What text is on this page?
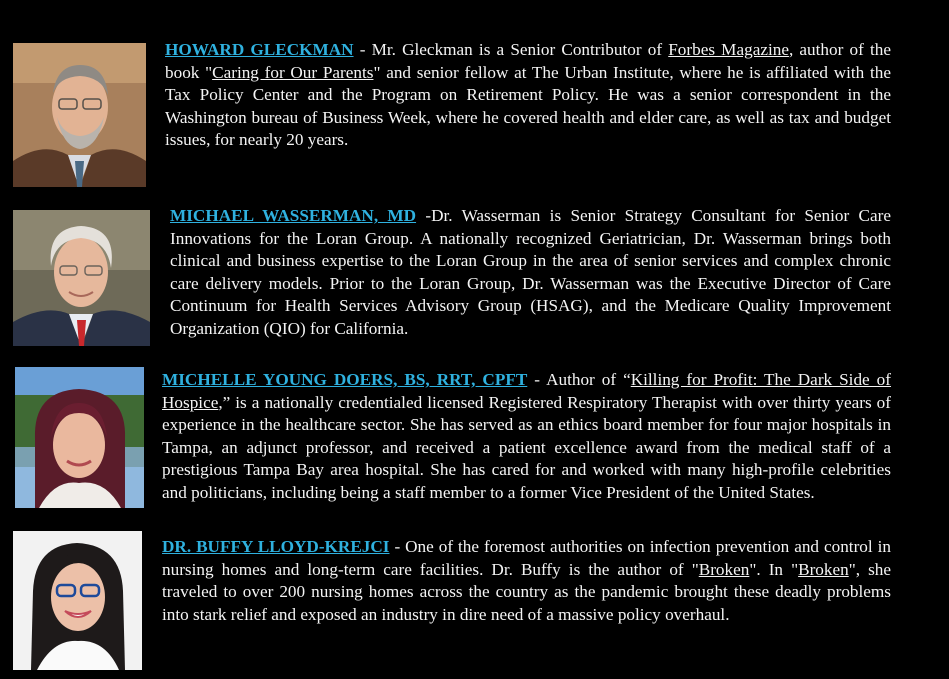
HOWARD GLECKMAN - Mr. Gleckman is a Senior Contributor of Forbes Magazine, author of the book "Caring for Our Parents" and senior fellow at The Urban Institute, where he is affiliated with the Tax Policy Center and the Program on Retirement Policy. He was a senior correspondent in the Washington bureau of Business Week, where he covered health and elder care, as well as tax and budget issues, for nearly 20 years.
MICHAEL WASSERMAN, MD -Dr. Wasserman is Senior Strategy Consultant for Senior Care Innovations for the Loran Group. A nationally recognized Geriatrician, Dr. Wasserman brings both clinical and business expertise to the Loran Group in the area of senior services and complex chronic care delivery models. Prior to the Loran Group, Dr. Wasserman was the Executive Director of Care Continuum for Health Services Advisory Group (HSAG), and the Medicare Quality Improvement Organization (QIO) for California.
MICHELLE YOUNG DOERS, BS, RRT, CPFT - Author of “Killing for Profit: The Dark Side of Hospice,” is a nationally credentialed licensed Registered Respiratory Therapist with over thirty years of experience in the healthcare sector. She has served as an ethics board member for four major hospitals in Tampa, an adjunct professor, and received a patient excellence award from the medical staff of a prestigious Tampa Bay area hospital. She has cared for and worked with many high-profile celebrities and politicians, including being a staff member to a former Vice President of the United States.
DR. BUFFY LLOYD-KREJCI - One of the foremost authorities on infection prevention and control in nursing homes and long-term care facilities. Dr. Buffy is the author of "Broken". In "Broken", she traveled to over 200 nursing homes across the country as the pandemic brought these deadly problems into stark relief and exposed an industry in dire need of a massive policy overhaul.
